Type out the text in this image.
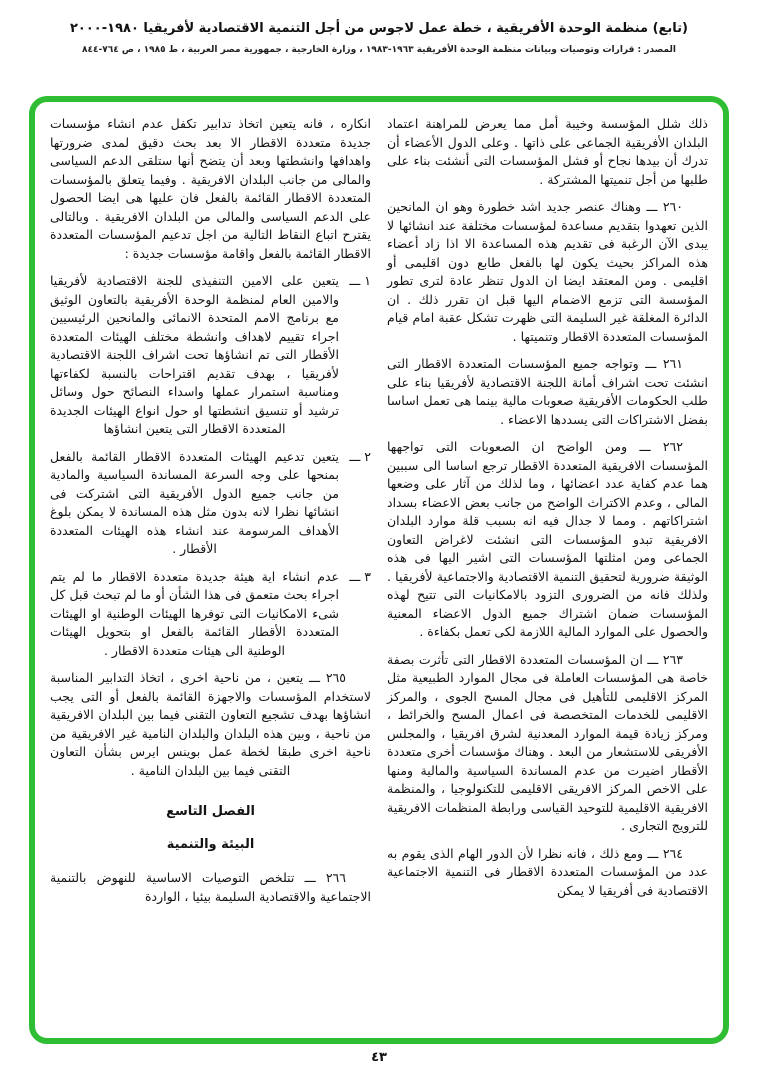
(تابع) منظمة الوحدة الأفريقية ، خطة عمل لاجوس من أجل التنمية الاقتصادية لأفريقيا ١٩٨٠-٢٠٠٠
المصدر : قرارات وتوصيات وبيانات منظمة الوحدة الأفريقية ١٩٦٣-١٩٨٣ ، وزارة الخارجية ، جمهورية مصر العربية ، ط ١٩٨٥ ، ص ٧٦٤-٨٤٤

ذلك شلل المؤسسة وخيبة أمل مما يعرض للمراهنة اعتماد البلدان الأفريقية الجماعى على ذاتها . وعلى الدول الأعضاء أن تدرك أن بيدها نجاح أو فشل المؤسسات التى أنشئت بناء على طلبها من أجل تنميتها المشتركة .

٢٦٠ ـــ وهناك عنصر جديد اشد خطورة وهو ان المانحين الذين تعهدوا بتقديم مساعدة لمؤسسات مختلفة عند انشائها لا يبدى الآن الرغبة فى تقديم هذه المساعدة الا اذا زاد أعضاء هذه المراكز بحيث يكون لها بالفعل طابع دون اقليمى أو اقليمى . ومن المعتقد ايضا ان الدول تنظر عادة لترى تطور المؤسسة التى تزمع الاضمام اليها قبل ان تقرر ذلك . ان الدائرة المغلقة غير السليمة التى ظهرت تشكل عقبة امام قيام المؤسسات المتعددة الاقطار وتنميتها .

٢٦١ ـــ وتواجه جميع المؤسسات المتعددة الاقطار التى انشئت تحت اشراف أمانة اللجنة الاقتصادية لأفريقيا بناء على طلب الحكومات الأفريقية صعوبات مالية بينما هى تعمل اساسا بفضل الاشتراكات التى يسددها الاعضاء .

٢٦٢ ـــ ومن الواضح ان الصعوبات التى تواجهها المؤسسات الافريقية المتعددة الاقطار ترجع اساسا الى سببين هما عدم كفاية عدد اعضائها ، وما لذلك من آثار على وضعها المالى ، وعدم الاكتراث الواضح من جانب بعض الاعضاء بسداد اشتراكاتهم . ومما لا جدال فيه انه بسبب قلة موارد البلدان الافريقية تبدو المؤسسات التى انشئت لاغراض التعاون الجماعى ومن امثلتها المؤسسات التى اشير اليها فى هذه الوثيقة ضرورية لتحقيق التنمية الاقتصادية والاجتماعية لأفريقيا . ولذلك فانه من الضرورى التزود بالامكانيات التى تتيح لهذه المؤسسات ضمان اشتراك جميع الدول الاعضاء المعنية والحصول على الموارد المالية اللازمة لكى تعمل بكفاءة .

٢٦٣ ـــ ان المؤسسات المتعددة الاقطار التى تأثرت بصفة خاصة هى المؤسسات العاملة فى مجال الموارد الطبيعية مثل المركز الاقليمى للتأهيل فى مجال المسح الجوى ، والمركز الاقليمى للخدمات المتخصصة فى اعمال المسح والخرائط ، ومركز زيادة قيمة الموارد المعدنية لشرق افريقيا ، والمجلس الأفريقى للاستشعار من البعد . وهناك مؤسسات أخرى متعددة الأقطار اضيرت من عدم المساندة السياسية والمالية ومنها على الاخص المركز الافريقى الاقليمى للتكنولوجيا ، والمنظمة الافريقية الاقليمية للتوحيد القياسى ورابطة المنظمات الافريقية للترويج التجارى .

٢٦٤ ـــ ومع ذلك ، فانه نظرا لأن الدور الهام الذى يقوم به عدد من المؤسسات المتعددة الاقطار فى التنمية الاجتماعية الاقتصادية فى أفريقيا لا يمكن

انكاره ، فانه يتعين اتخاذ تدابير تكفل عدم انشاء مؤسسات جديدة متعددة الاقطار الا بعد بحث دقيق لمدى ضرورتها واهدافها وانشطتها وبعد أن يتضح أنها ستلقى الدعم السياسى والمالى من جانب البلدان الافريقية . وفيما يتعلق بالمؤسسات المتعددة الاقطار القائمة بالفعل فان عليها هى ايضا الحصول على الدعم السياسى والمالى من البلدان الافريقية . وبالتالى يقترح اتباع النقاط التالية من اجل تدعيم المؤسسات المتعددة الاقطار القائمة بالفعل واقامة مؤسسات جديدة :

١ ـــ
يتعين على الامين التنفيذى للجنة الاقتصادية لأفريقيا والامين العام لمنظمة الوحدة الأفريقية بالتعاون الوثيق مع برنامج الامم المتحدة الانمائى والمانحين الرئيسيين اجراء تقييم لاهداف وانشطة مختلف الهيئات المتعددة الأقطار التى تم انشاؤها تحت اشراف اللجنة الاقتصادية لأفريقيا ، بهدف تقديم اقتراحات بالنسبة لكفاءتها ومناسبة استمرار عملها واسداء النصائح حول وسائل ترشيد أو تنسيق انشطتها او حول انواع الهيئات الجديدة المتعددة الاقطار التى يتعين انشاؤها
٢ ـــ
يتعين تدعيم الهيئات المتعددة الاقطار القائمة بالفعل بمنحها على وجه السرعة المساندة السياسية والمادية من جانب جميع الدول الأفريقية التى اشتركت فى انشائها نظرا لانه بدون مثل هذه المساندة لا يمكن بلوغ الأهداف المرسومة عند انشاء هذه الهيئات المتعددة الأقطار .
٣ ـــ
عدم انشاء اية هيئة جديدة متعددة الاقطار ما لم يتم اجراء بحث متعمق فى هذا الشأن أو ما لم تبحث قبل كل شىء الامكانيات التى توفرها الهيئات الوطنية او الهيئات المتعددة الأقطار القائمة بالفعل او بتحويل الهيئات الوطنية الى هيئات متعددة الاقطار .

٢٦٥ ـــ يتعين ، من ناحية اخرى ، اتخاذ التدابير المناسبة لاستخدام المؤسسات والاجهزة القائمة بالفعل أو التى يجب انشاؤها بهدف تشجيع التعاون التقنى فيما بين البلدان الافريقية من ناحية ، وبين هذه البلدان والبلدان النامية غير الافريقية من ناحية اخرى طبقا لخطة عمل بوينس ايرس بشأن التعاون التقنى فيما بين البلدان النامية .

الفصل التاسع
البيئة والتنمية

٢٦٦ ـــ تتلخص التوصيات الاساسية للنهوض بالتنمية الاجتماعية والاقتصادية السليمة بيئيا ، الواردة

٤٣
